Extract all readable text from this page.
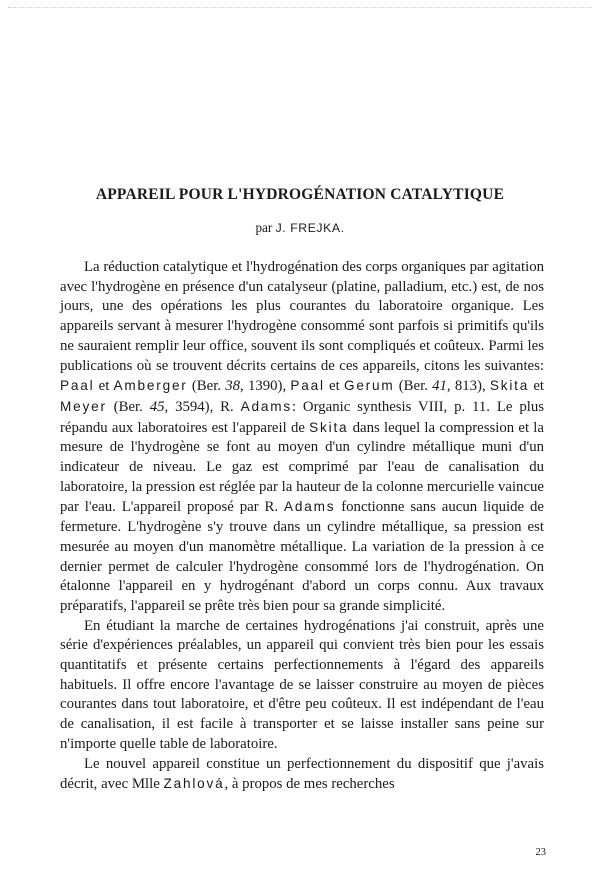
APPAREIL POUR L'HYDROGÉNATION CATALYTIQUE
par J. FREJKA.

La réduction catalytique et l'hydrogénation des corps organiques par agitation avec l'hydrogène en présence d'un catalyseur (platine, palladium, etc.) est, de nos jours, une des opérations les plus courantes du laboratoire organique. Les appareils servant à mesurer l'hydrogène consommé sont parfois si primitifs qu'ils ne sauraient remplir leur office, souvent ils sont compliqués et coûteux. Parmi les publications où se trouvent décrits certains de ces appareils, citons les suivantes: Paal et Amberger (Ber. 38, 1390), Paal et Gerum (Ber. 41, 813), Skita et Meyer (Ber. 45, 3594), R. Adams: Organic synthesis VIII, p. 11. Le plus répandu aux laboratoires est l'appareil de Skita dans lequel la compression et la mesure de l'hydrogène se font au moyen d'un cylindre métallique muni d'un indicateur de niveau. Le gaz est comprimé par l'eau de canalisation du laboratoire, la pression est réglée par la hauteur de la colonne mercurielle vaincue par l'eau. L'appareil proposé par R. Adams fonctionne sans aucun liquide de fermeture. L'hydrogène s'y trouve dans un cylindre métallique, sa pression est mesurée au moyen d'un manomètre métallique. La variation de la pression à ce dernier permet de calculer l'hydrogène consommé lors de l'hydrogénation. On étalonne l'appareil en y hydrogénant d'abord un corps connu. Aux travaux préparatifs, l'appareil se prête très bien pour sa grande simplicité.

En étudiant la marche de certaines hydrogénations j'ai construit, après une série d'expériences préalables, un appareil qui convient très bien pour les essais quantitatifs et présente certains perfectionnements à l'égard des appareils habituels. Il offre encore l'avantage de se laisser construire au moyen de pièces courantes dans tout laboratoire, et d'être peu coûteux. Il est indépendant de l'eau de canalisation, il est facile à transporter et se laisse installer sans peine sur n'importe quelle table de laboratoire.

Le nouvel appareil constitue un perfectionnement du dispositif que j'avais décrit, avec Mlle Zahlová, à propos de mes recherches

23
